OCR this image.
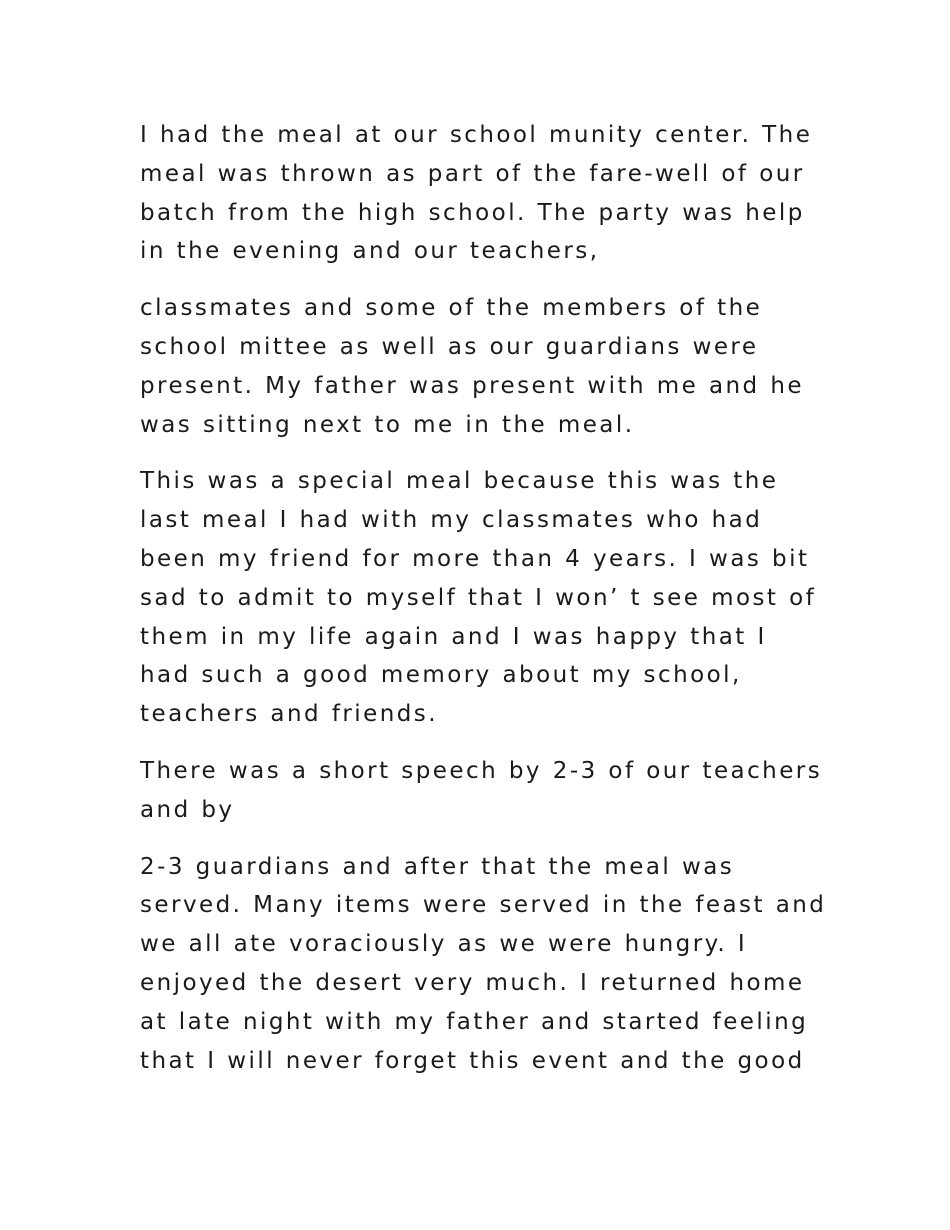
I had the meal at our school munity center. The
meal was thrown as part of the fare-well of our
batch from the high school. The party was help
in the evening and our teachers,

classmates and some of the members of the
school mittee as well as our guardians were
present. My father was present with me and he
was sitting next to me in the meal.

This was a special meal because this was the
last meal I had with my classmates who had
been my friend for more than 4 years. I was bit
sad to admit to myself that I won’ t see most of
them in my life again and I was happy that I
had such a good memory about my school,
teachers and friends.

There was a short speech by 2-3 of our teachers
and by

2-3 guardians and after that the meal was
served. Many items were served in the feast and
we all ate voraciously as we were hungry. I
enjoyed the desert very much. I returned home
at late night with my father and started feeling
that I will never forget this event and the good
